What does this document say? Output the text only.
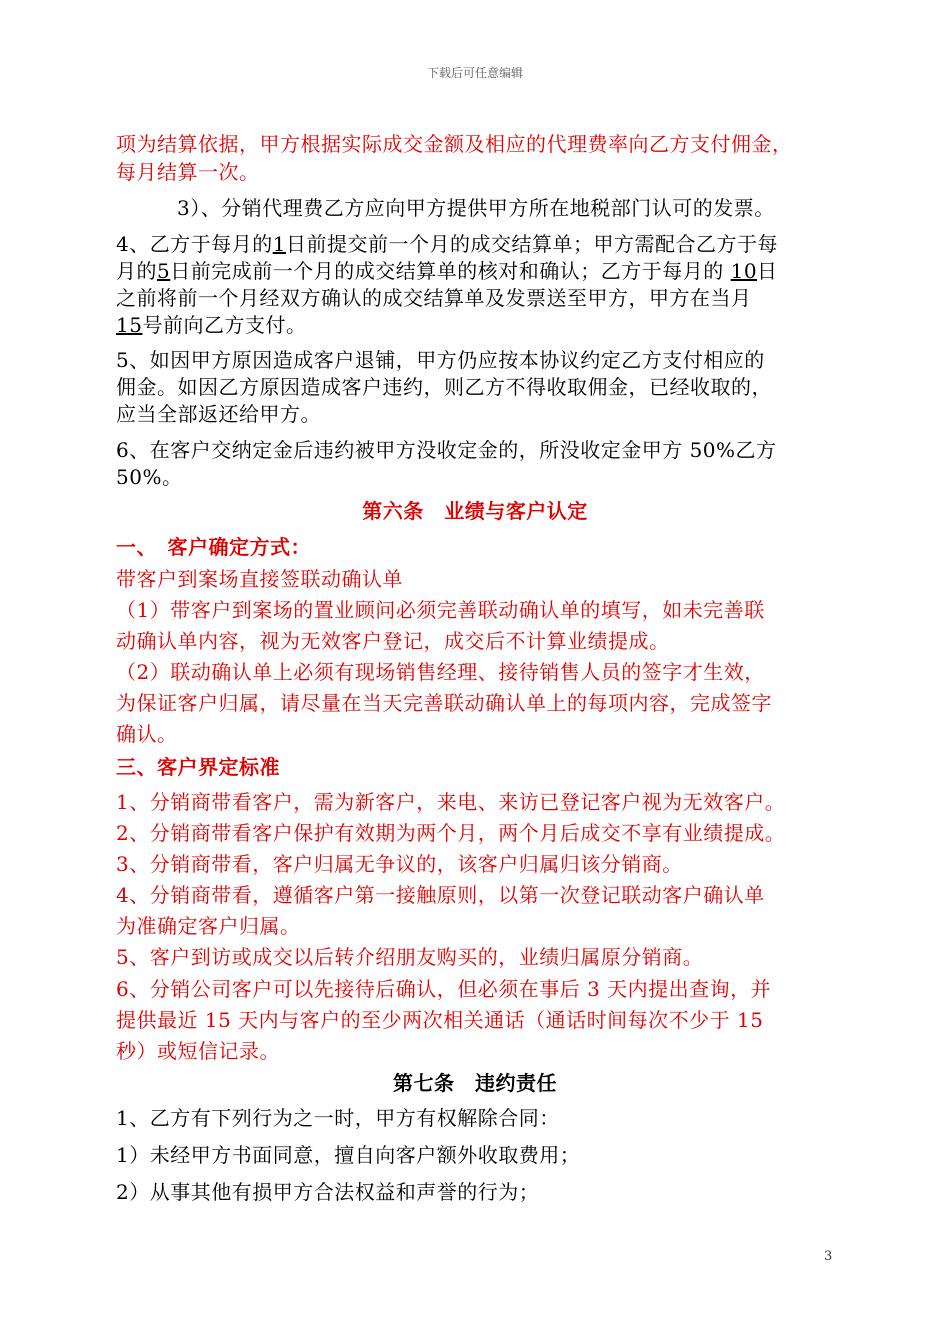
下载后可任意编辑
项为结算依据，甲方根据实际成交金额及相应的代理费率向乙方支付佣金，
每月结算一次。
3）、分销代理费乙方应向甲方提供甲方所在地税部门认可的发票。
4、乙方于每月的1日前提交前一个月的成交结算单；甲方需配合乙方于每
月的5日前完成前一个月的成交结算单的核对和确认；乙方于每月的 10日
之前将前一个月经双方确认的成交结算单及发票送至甲方，甲方在当月
15号前向乙方支付。
5、如因甲方原因造成客户退铺，甲方仍应按本协议约定乙方支付相应的
佣金。如因乙方原因造成客户违约，则乙方不得收取佣金，已经收取的，
应当全部返还给甲方。
6、在客户交纳定金后违约被甲方没收定金的，所没收定金甲方 50%乙方
50%。
第六条　业绩与客户认定
一、　客户确定方式：
带客户到案场直接签联动确认单
（1）带客户到案场的置业顾问必须完善联动确认单的填写，如未完善联
动确认单内容，视为无效客户登记，成交后不计算业绩提成。
（2）联动确认单上必须有现场销售经理、接待销售人员的签字才生效，
为保证客户归属，请尽量在当天完善联动确认单上的每项内容，完成签字
确认。
三、客户界定标准
1、分销商带看客户，需为新客户，来电、来访已登记客户视为无效客户。
2、分销商带看客户保护有效期为两个月，两个月后成交不享有业绩提成。
3、分销商带看，客户归属无争议的，该客户归属归该分销商。
4、分销商带看，遵循客户第一接触原则，以第一次登记联动客户确认单
为准确定客户归属。
5、客户到访或成交以后转介绍朋友购买的，业绩归属原分销商。
6、分销公司客户可以先接待后确认，但必须在事后 3 天内提出查询，并
提供最近 15 天内与客户的至少两次相关通话（通话时间每次不少于 15
秒）或短信记录。
第七条　违约责任
1、乙方有下列行为之一时，甲方有权解除合同：
1）未经甲方书面同意，擅自向客户额外收取费用；
2）从事其他有损甲方合法权益和声誉的行为；
3
